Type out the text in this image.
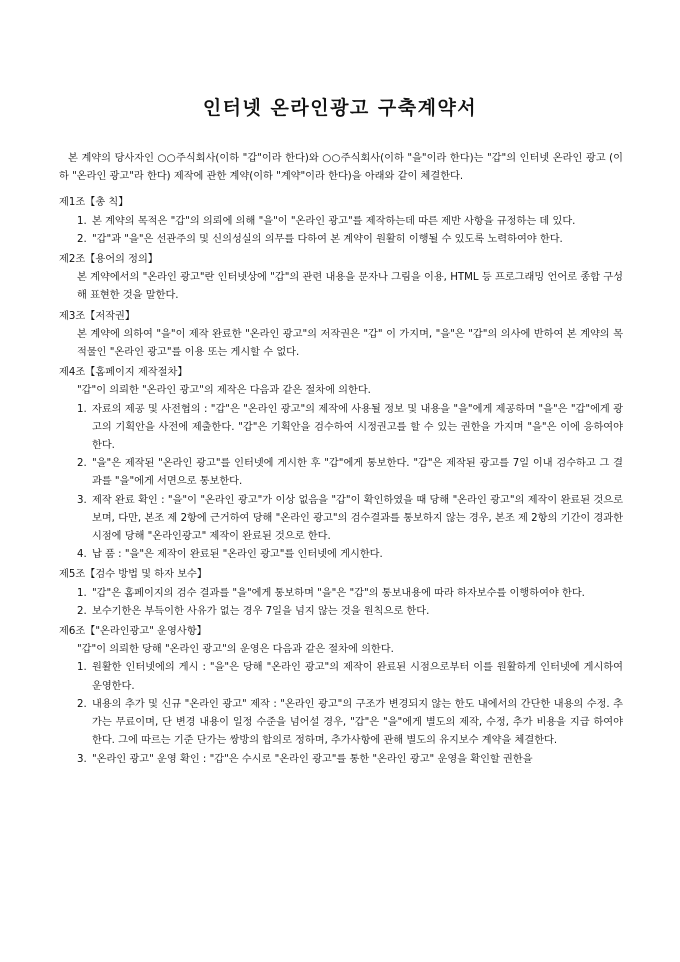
인터넷 온라인광고 구축계약서

본 계약의 당사자인 ○○주식회사(이하 "갑"이라 한다)와 ○○주식회사(이하 "을"이라 한다)는 "갑"의 인터넷 온라인 광고 (이하 "온라인 광고"라 한다) 제작에 관한 계약(이하 "계약"이라 한다)을 아래와 같이 체결한다.

제1조【총 칙】

1. 본 계약의 목적은 "갑"의 의뢰에 의해 "을"이 "온라인 광고"를 제작하는데 따른 제반 사항을 규정하는 데 있다.
2. "갑"과 "을"은 선관주의 및 신의성실의 의무를 다하여 본 계약이 원활히 이행될 수 있도록 노력하여야 한다.

제2조【용어의 정의】

본 계약에서의 "온라인 광고"란 인터넷상에 "갑"의 관련 내용을 문자나 그림을 이용, HTML 등 프로그래밍 언어로 종합 구성해 표현한 것을 말한다.

제3조【저작권】

본 계약에 의하여 "을"이 제작 완료한 "온라인 광고"의 저작권은 "갑" 이 가지며, "을"은 "갑"의 의사에 반하여 본 계약의 목적물인 "온라인 광고"를 이용 또는 게시할 수 없다.

제4조【홈페이지 제작절차】

"갑"이 의뢰한 "온라인 광고"의 제작은 다음과 같은 절차에 의한다.

1. 자료의 제공 및 사전협의 : "갑"은 "온라인 광고"의 제작에 사용될 정보 및 내용을 "을"에게 제공하며 "을"은 "갑"에게 광고의 기획안을 사전에 제출한다. "갑"은 기획안을 검수하여 시정권고를 할 수 있는 권한을 가지며 "을"은 이에 응하여야 한다.
2. "을"은 제작된 "온라인 광고"를 인터넷에 게시한 후 "갑"에게 통보한다. "갑"은 제작된 광고를 7일 이내 검수하고 그 결과를 "을"에게 서면으로 통보한다.
3. 제작 완료 확인 : "을"이 "온라인 광고"가 이상 없음을 "갑"이 확인하였을 때 당해 "온라인 광고"의 제작이 완료된 것으로 보며, 다만, 본조 제 2항에 근거하여 당해 "온라인 광고"의 검수결과를 통보하지 않는 경우, 본조 제 2항의 기간이 경과한 시점에 당해 "온라인광고" 제작이 완료된 것으로 한다.
4. 납 품 : "을"은 제작이 완료된 "온라인 광고"를 인터넷에 게시한다.

제5조【검수 방법 및 하자 보수】

1. "갑"은 홈페이지의 검수 결과를 "을"에게 통보하며 "을"은 "갑"의 통보내용에 따라 하자보수를 이행하여야 한다.
2. 보수기한은 부득이한 사유가 없는 경우 7일을 넘지 않는 것을 원칙으로 한다.

제6조【"온라인광고" 운영사항】

"갑"이 의뢰한 당해 "온라인 광고"의 운영은 다음과 같은 절차에 의한다.

1. 원활한 인터넷에의 게시 : "을"은 당해 "온라인 광고"의 제작이 완료된 시점으로부터 이를 원활하게 인터넷에 게시하여 운영한다.
2. 내용의 추가 및 신규 "온라인 광고" 제작 : "온라인 광고"의 구조가 변경되지 않는 한도 내에서의 간단한 내용의 수정. 추가는 무료이며, 단 변경 내용이 일정 수준을 넘어설 경우, "갑"은 "을"에게 별도의 제작, 수정, 추가 비용을 지급 하여야 한다. 그에 따르는 기준 단가는 쌍방의 합의로 정하며, 추가사항에 관해 별도의 유지보수 계약을 체결한다.
3. "온라인 광고" 운영 확인 : "갑"은 수시로 "온라인 광고"를 통한 "온라인 광고" 운영을 확인할 권한을
